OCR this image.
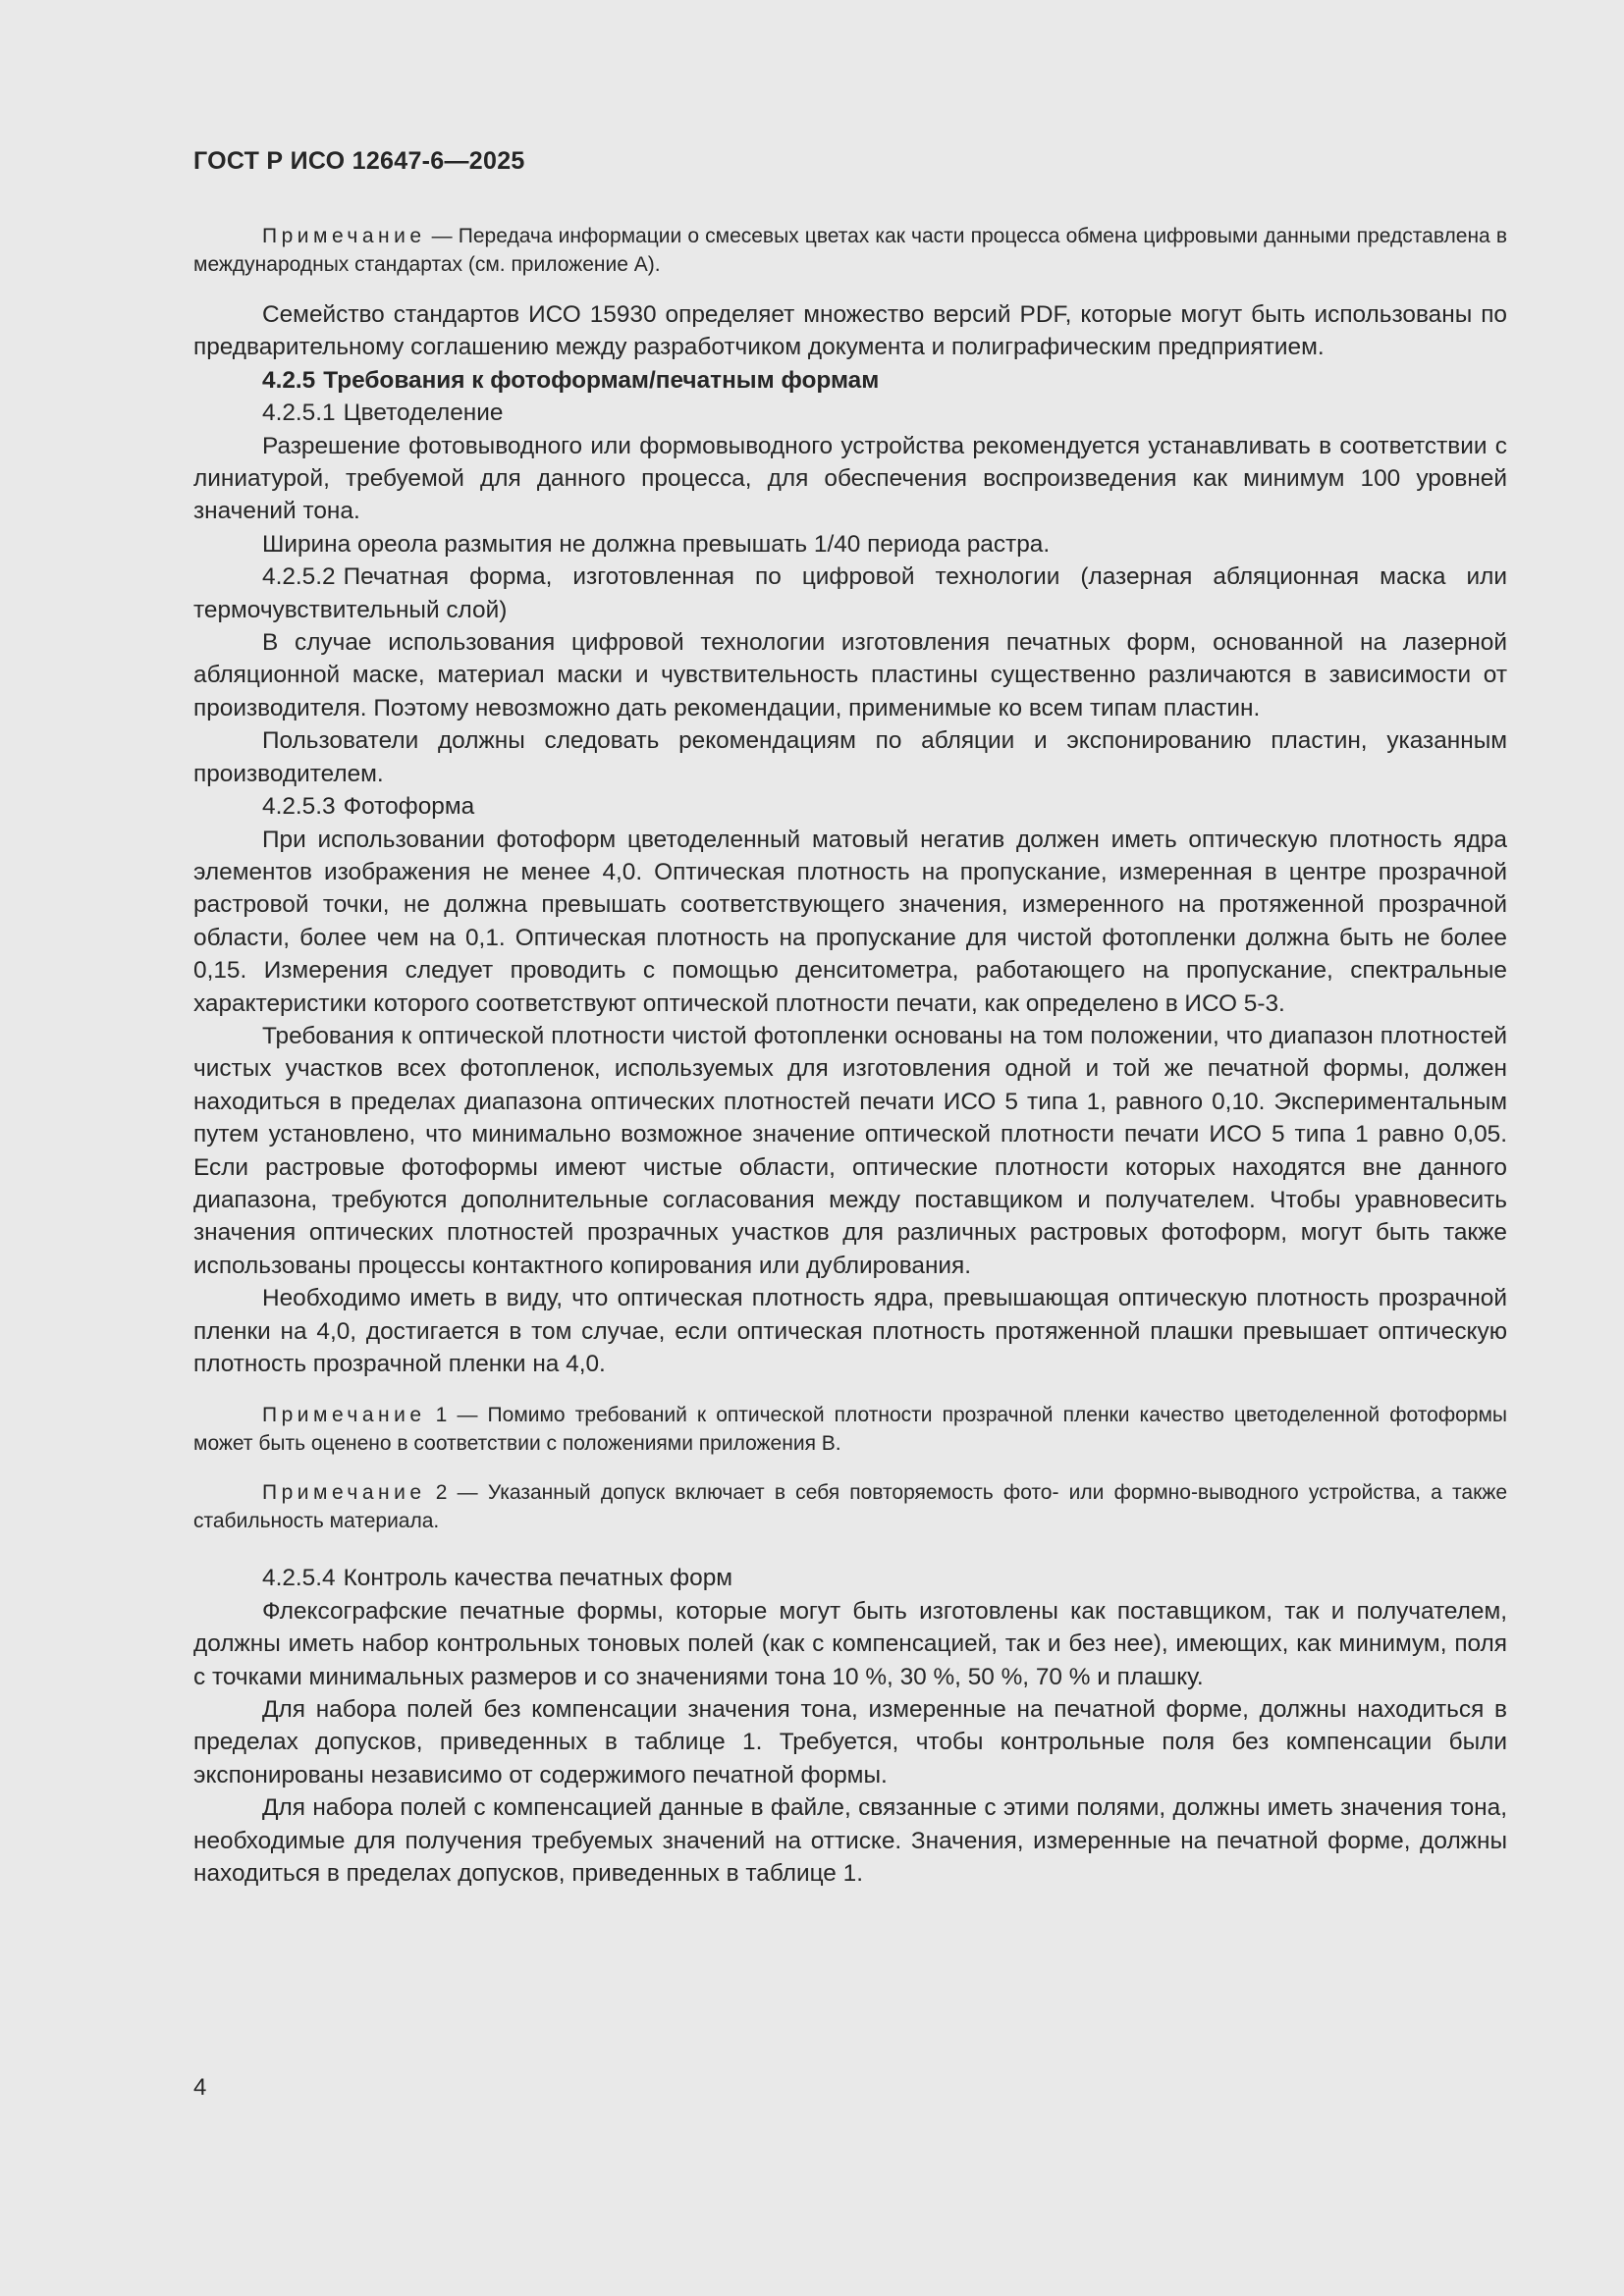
ГОСТ Р ИСО 12647-6—2025

Примечание — Передача информации о смесевых цветах как части процесса обмена цифровыми данными представлена в международных стандартах (см. приложение А).

Семейство стандартов ИСО 15930 определяет множество версий PDF, которые могут быть использованы по предварительному соглашению между разработчиком документа и полиграфическим предприятием.

4.2.5 Требования к фотоформам/печатным формам

4.2.5.1 Цветоделение

Разрешение фотовыводного или формовыводного устройства рекомендуется устанавливать в соответствии с линиатурой, требуемой для данного процесса, для обеспечения воспроизведения как минимум 100 уровней значений тона.

Ширина ореола размытия не должна превышать 1/40 периода растра.

4.2.5.2 Печатная форма, изготовленная по цифровой технологии (лазерная абляционная маска или термочувствительный слой)

В случае использования цифровой технологии изготовления печатных форм, основанной на лазерной абляционной маске, материал маски и чувствительность пластины существенно различаются в зависимости от производителя. Поэтому невозможно дать рекомендации, применимые ко всем типам пластин.

Пользователи должны следовать рекомендациям по абляции и экспонированию пластин, указанным производителем.

4.2.5.3 Фотоформа

При использовании фотоформ цветоделенный матовый негатив должен иметь оптическую плотность ядра элементов изображения не менее 4,0. Оптическая плотность на пропускание, измеренная в центре прозрачной растровой точки, не должна превышать соответствующего значения, измеренного на протяженной прозрачной области, более чем на 0,1. Оптическая плотность на пропускание для чистой фотопленки должна быть не более 0,15. Измерения следует проводить с помощью денситометра, работающего на пропускание, спектральные характеристики которого соответствуют оптической плотности печати, как определено в ИСО 5-3.

Требования к оптической плотности чистой фотопленки основаны на том положении, что диапазон плотностей чистых участков всех фотопленок, используемых для изготовления одной и той же печатной формы, должен находиться в пределах диапазона оптических плотностей печати ИСО 5 типа 1, равного 0,10. Экспериментальным путем установлено, что минимально возможное значение оптической плотности печати ИСО 5 типа 1 равно 0,05. Если растровые фотоформы имеют чистые области, оптические плотности которых находятся вне данного диапазона, требуются дополнительные согласования между поставщиком и получателем. Чтобы уравновесить значения оптических плотностей прозрачных участков для различных растровых фотоформ, могут быть также использованы процессы контактного копирования или дублирования.

Необходимо иметь в виду, что оптическая плотность ядра, превышающая оптическую плотность прозрачной пленки на 4,0, достигается в том случае, если оптическая плотность протяженной плашки превышает оптическую плотность прозрачной пленки на 4,0.

Примечание 1 — Помимо требований к оптической плотности прозрачной пленки качество цветоделенной фотоформы может быть оценено в соответствии с положениями приложения В.

Примечание 2 — Указанный допуск включает в себя повторяемость фото- или формно-выводного устройства, а также стабильность материала.

4.2.5.4 Контроль качества печатных форм

Флексографские печатные формы, которые могут быть изготовлены как поставщиком, так и получателем, должны иметь набор контрольных тоновых полей (как с компенсацией, так и без нее), имеющих, как минимум, поля с точками минимальных размеров и со значениями тона 10 %, 30 %, 50 %, 70 % и плашку.

Для набора полей без компенсации значения тона, измеренные на печатной форме, должны находиться в пределах допусков, приведенных в таблице 1. Требуется, чтобы контрольные поля без компенсации были экспонированы независимо от содержимого печатной формы.

Для набора полей с компенсацией данные в файле, связанные с этими полями, должны иметь значения тона, необходимые для получения требуемых значений на оттиске. Значения, измеренные на печатной форме, должны находиться в пределах допусков, приведенных в таблице 1.

4
